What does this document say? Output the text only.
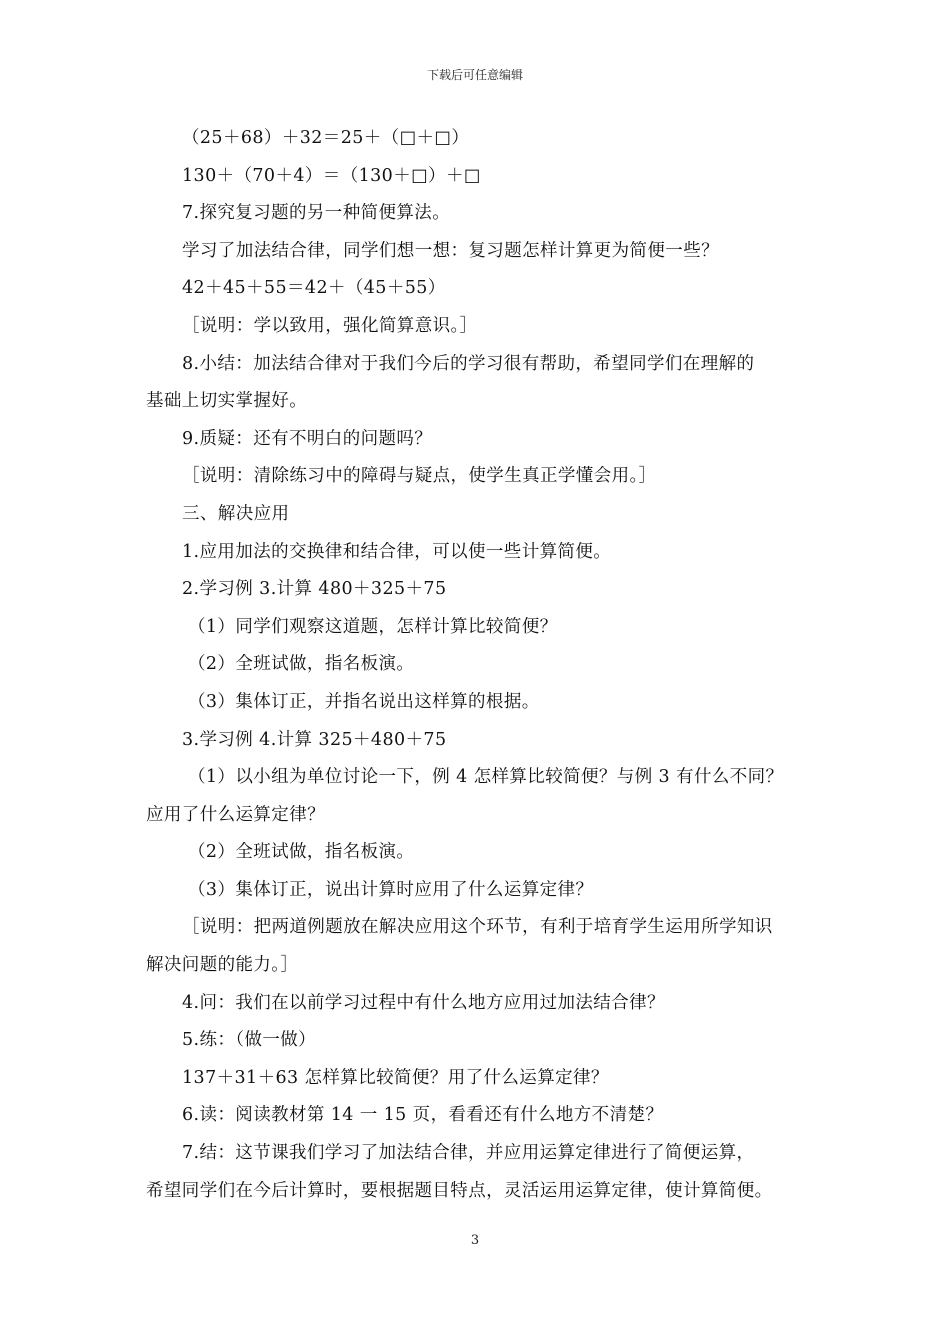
下载后可任意编辑
（25＋68）＋32＝25＋（□＋□）
130＋（70＋4）＝（130＋□）＋□
7.探究复习题的另一种简便算法。
学习了加法结合律，同学们想一想：复习题怎样计算更为简便一些？
42＋45＋55＝42＋（45＋55）
［说明：学以致用，强化简算意识。］
8.小结：加法结合律对于我们今后的学习很有帮助，希望同学们在理解的
基础上切实掌握好。
9.质疑：还有不明白的问题吗？
［说明：清除练习中的障碍与疑点，使学生真正学懂会用。］
三、解决应用
1.应用加法的交换律和结合律，可以使一些计算简便。
2.学习例 3.计算 480＋325＋75
（1）同学们观察这道题，怎样计算比较简便？
（2）全班试做，指名板演。
（3）集体订正，并指名说出这样算的根据。
3.学习例 4.计算 325＋480＋75
（1）以小组为单位讨论一下，例 4 怎样算比较简便？与例 3 有什么不同？
应用了什么运算定律？
（2）全班试做，指名板演。
（3）集体订正，说出计算时应用了什么运算定律？
［说明：把两道例题放在解决应用这个环节，有利于培育学生运用所学知识
解决问题的能力。］
4.问：我们在以前学习过程中有什么地方应用过加法结合律？
5.练：（做一做）
137＋31＋63 怎样算比较简便？用了什么运算定律？
6.读：阅读教材第 14 一 15 页，看看还有什么地方不清楚？
7.结：这节课我们学习了加法结合律，并应用运算定律进行了简便运算，
希望同学们在今后计算时，要根据题目特点，灵活运用运算定律，使计算简便。
3
